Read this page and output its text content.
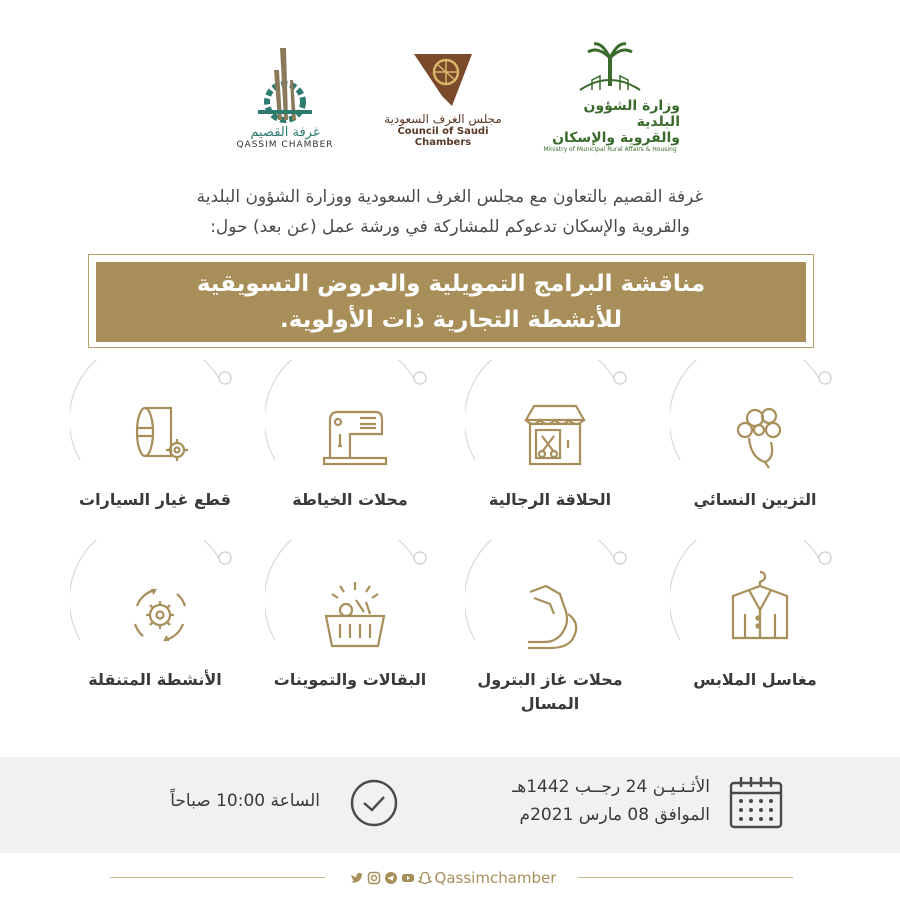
غرفة القصيم
QASSIM CHAMBER
مجلس الغرف السعودية
Council of Saudi Chambers
وزارة الشؤون البلدية
والقروية والإسكان
Ministry of Municipal Rural Affairs & Housing
غرفة القصيم بالتعاون مع مجلس الغرف السعودية ووزارة الشؤون البلدية
والقروية والإسكان تدعوكم للمشاركة في ورشة عمل (عن بعد) حول:
مناقشة البرامج التمويلية والعروض التسويقية
للأنشطة التجارية ذات الأولوية.
التزيين النسائي
الحلاقة الرجالية
محلات الخياطة
قطع غيار السيارات
مغاسل الملابس
محلات غاز البترول المسال
البقالات والتموينات
الأنشطة المتنقلة
الأثـنـيـن 24 رجــب 1442هـ
الموافق 08 مارس 2021م
الساعة 10:00 صباحاً
Qassimchamber
